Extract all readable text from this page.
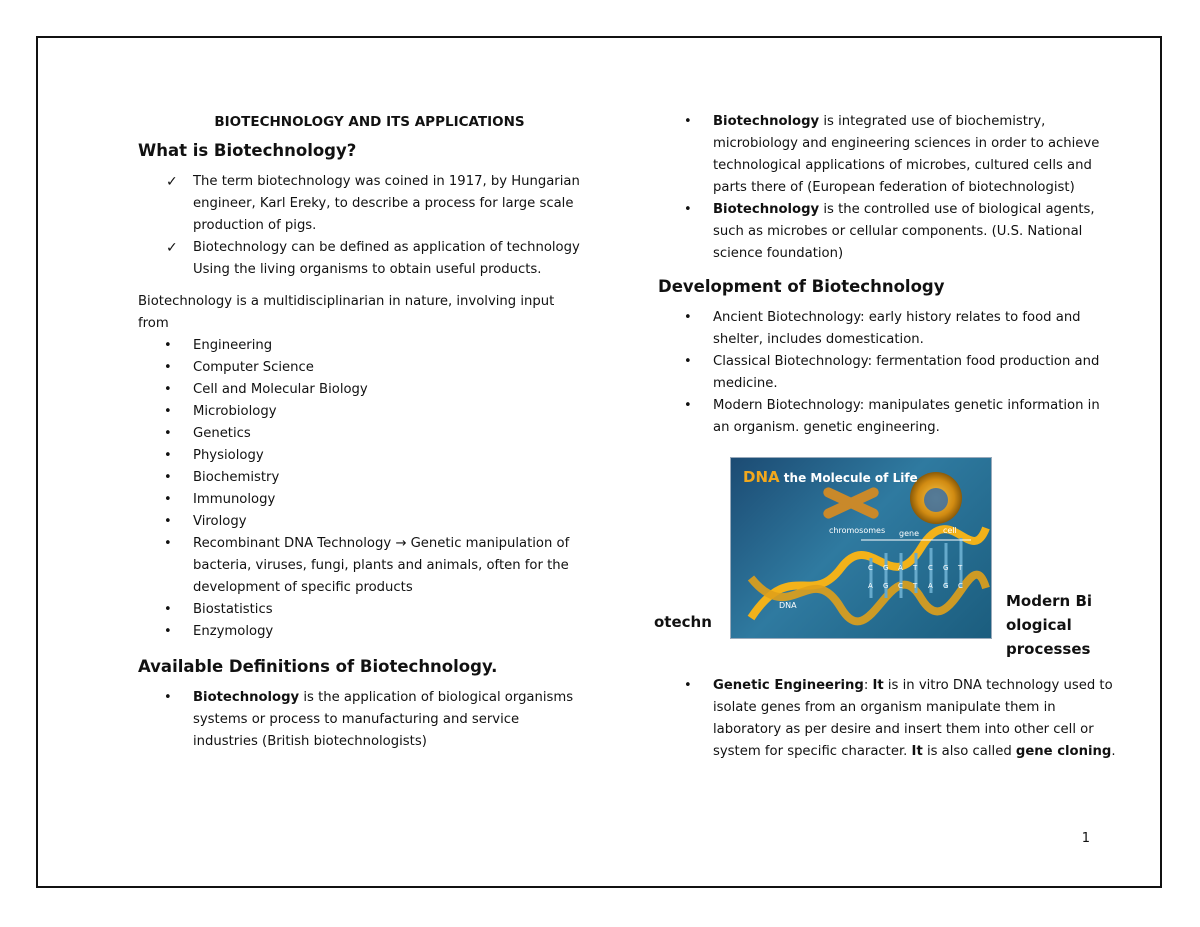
BIOTECHNOLOGY AND ITS APPLICATIONS
What is Biotechnology?
✓ The term biotechnology was coined in 1917, by Hungarian engineer, Karl Ereky, to describe a process for large scale production of pigs.
✓ Biotechnology can be defined as application of technology Using the living organisms to obtain useful products.
Biotechnology is a multidisciplinarian in nature, involving input from
• Engineering
• Computer Science
• Cell and Molecular Biology
• Microbiology
• Genetics
• Physiology
• Biochemistry
• Immunology
• Virology
• Recombinant DNA Technology → Genetic manipulation of bacteria, viruses, fungi, plants and animals, often for the development of specific products
• Biostatistics
• Enzymology
Available Definitions of Biotechnology.
• Biotechnology is the application of biological organisms systems or process to manufacturing and service industries (British biotechnologists)
• Biotechnology is integrated use of biochemistry, microbiology and engineering sciences in order to achieve technological applications of microbes, cultured cells and parts there of (European federation of biotechnologist)
• Biotechnology is the controlled use of biological agents, such as microbes or cellular components. (U.S. National science foundation)
Development of Biotechnology
• Ancient Biotechnology: early history relates to food and shelter, includes domestication.
• Classical Biotechnology: fermentation food production and medicine.
• Modern Biotechnology: manipulates genetic information in an organism. genetic engineering.
otechn
gene
chromosomes	cell
DNA
C G A T C G T
A G C T A G C
DNA the Molecule of Life
Modern Bi
ological
processes
• Genetic Engineering: It is in vitro DNA technology used to isolate genes from an organism manipulate them in laboratory as per desire and insert them into other cell or system for specific character. It is also called gene cloning.
1
